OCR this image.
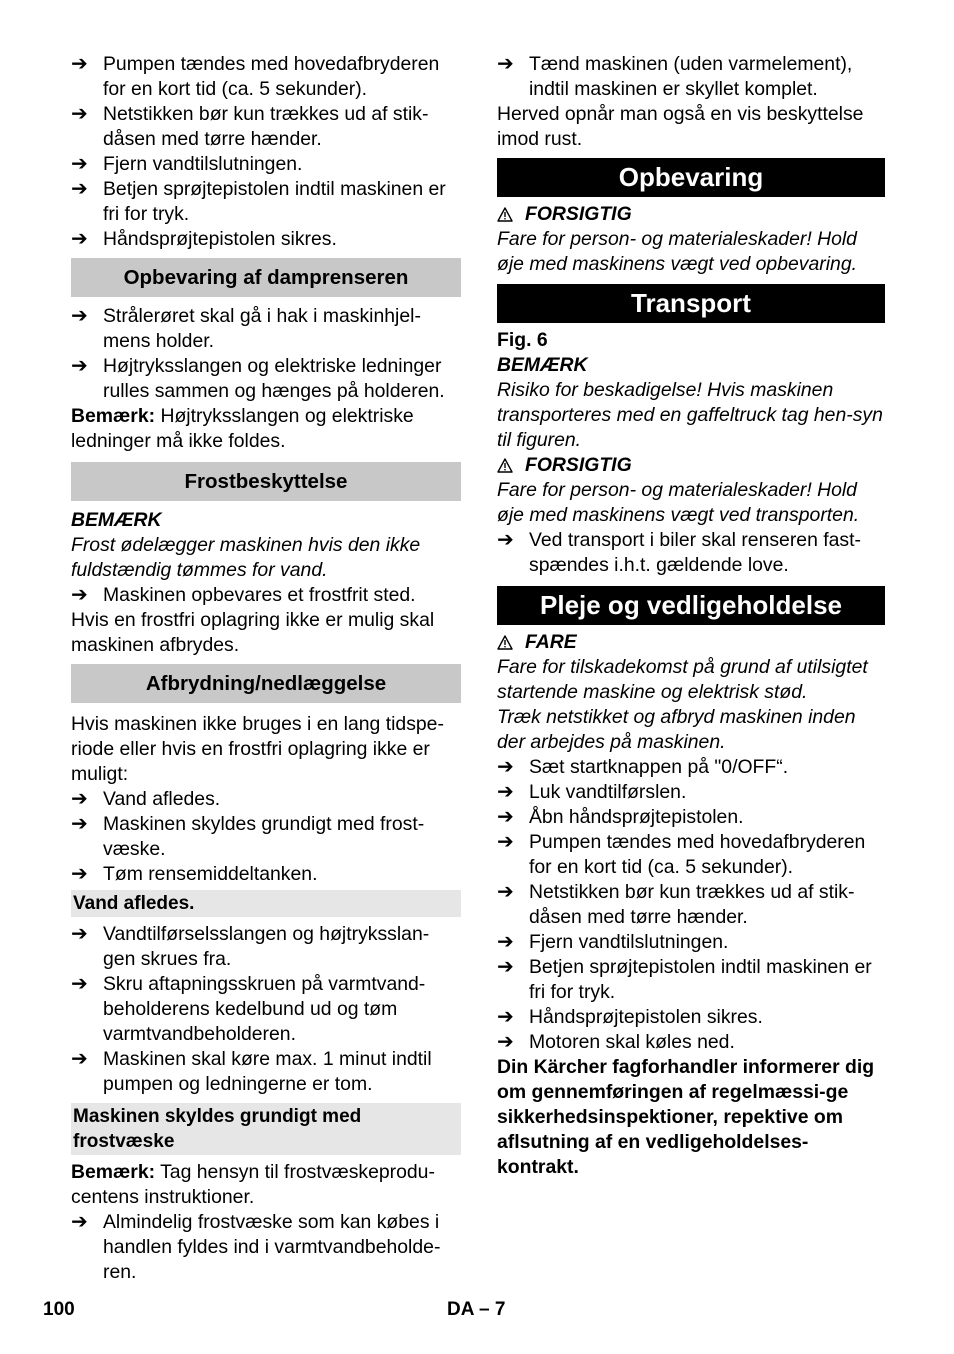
➔ Pumpen tændes med hovedafbryderen for en kort tid (ca. 5 sekunder).

➔ Netstikken bør kun trækkes ud af stik-dåsen med tørre hænder.

➔ Fjern vandtilslutningen.

➔ Betjen sprøjtepistolen indtil maskinen er fri for tryk.

➔ Håndsprøjtepistolen sikres.

Opbevaring af damprenseren

➔ Strålerøret skal gå i hak i maskinhjel-mens holder.

➔ Højtryksslangen og elektriske ledninger rulles sammen og hænges på holderen.

Bemærk: Højtryksslangen og elektriske ledninger må ikke foldes.

Frostbeskyttelse

BEMÆRK

Frost ødelægger maskinen hvis den ikke fuldstændig tømmes for vand.

➔ Maskinen opbevares et frostfrit sted.

Hvis en frostfri oplagring ikke er mulig skal maskinen afbrydes.

Afbrydning/nedlæggelse

Hvis maskinen ikke bruges i en lang tidspe-riode eller hvis en frostfri oplagring ikke er muligt:

➔ Vand afledes.

➔ Maskinen skyldes grundigt med frost-væske.

➔ Tøm rensemiddeltanken.

Vand afledes.

➔ Vandtilførselsslangen og højtryksslan-gen skrues fra.

➔ Skru aftapningsskruen på varmtvand-beholderens kedelbund ud og tøm varmtvandbeholderen.

➔ Maskinen skal køre max. 1 minut indtil pumpen og ledningerne er tom.

Maskinen skyldes grundigt med frostvæske

Bemærk: Tag hensyn til frostvæskeprodu-centens instruktioner.

➔ Almindelig frostvæske som kan købes i handlen fyldes ind i varmtvandbeholde-ren.

➔ Tænd maskinen (uden varmelement), indtil maskinen er skyllet komplet.

Herved opnår man også en vis beskyttelse imod rust.

Opbevaring
FORSIGTIG

Fare for person- og materialeskader! Hold øje med maskinens vægt ved opbevaring.

Transport

Fig. 6

BEMÆRK

Risiko for beskadigelse! Hvis maskinen transporteres med en gaffeltruck tag hen-syn til figuren.

FORSIGTIG

Fare for person- og materialeskader! Hold øje med maskinens vægt ved transporten.

➔ Ved transport i biler skal renseren fast-spændes i.h.t. gældende love.

Pleje og vedligeholdelse
FARE

Fare for tilskadekomst på grund af utilsigtet startende maskine og elektrisk stød.

Træk netstikket og afbryd maskinen inden der arbejdes på maskinen.

➔ Sæt startknappen på "0/OFF“.

➔ Luk vandtilførslen.

➔ Åbn håndsprøjtepistolen.

➔ Pumpen tændes med hovedafbryderen for en kort tid (ca. 5 sekunder).

➔ Netstikken bør kun trækkes ud af stik-dåsen med tørre hænder.

➔ Fjern vandtilslutningen.

➔ Betjen sprøjtepistolen indtil maskinen er fri for tryk.

➔ Håndsprøjtepistolen sikres.

➔ Motoren skal køles ned.

Din Kärcher fagforhandler informerer dig om gennemføringen af regelmæssi-ge sikkerhedsinspektioner, repektive om aflsutning af en vedligeholdelses-kontrakt.

100	DA – 7
